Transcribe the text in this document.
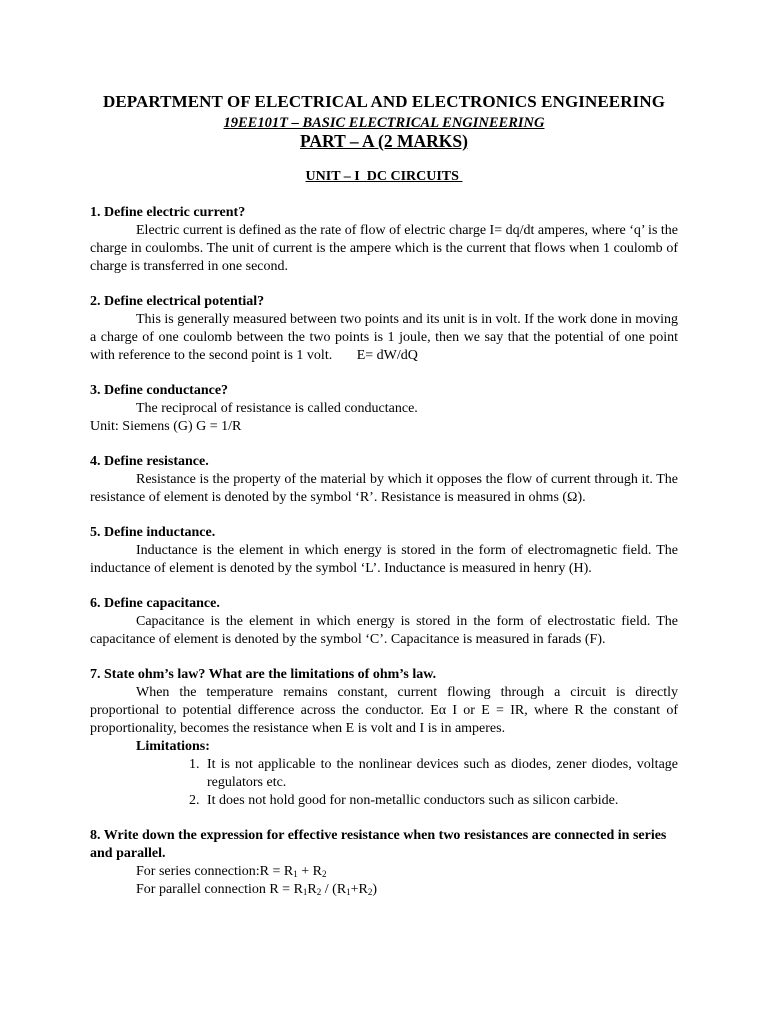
DEPARTMENT OF ELECTRICAL AND ELECTRONICS ENGINEERING
19EE101T – BASIC ELECTRICAL ENGINEERING
PART – A (2 MARKS)
UNIT – I  DC CIRCUITS

1. Define electric current?

Electric current is defined as the rate of flow of electric charge I= dq/dt amperes, where ‘q’ is the charge in coulombs. The unit of current is the ampere which is the current that flows when 1 coulomb of charge is transferred in one second.

2. Define electrical potential?

This is generally measured between two points and its unit is in volt. If the work done in moving a charge of one coulomb between the two points is 1 joule, then we say that the potential of one point with reference to the second point is 1 volt.       E= dW/dQ

3. Define conductance?

The reciprocal of resistance is called conductance.

Unit: Siemens (G) G = 1/R

4. Define resistance.

Resistance is the property of the material by which it opposes the flow of current through it. The resistance of element is denoted by the symbol ‘R’. Resistance is measured in ohms (Ω).

5. Define inductance.

Inductance is the element in which energy is stored in the form of electromagnetic field. The inductance of element is denoted by the symbol ‘L’. Inductance is measured in henry (H).

6. Define capacitance.

Capacitance is the element in which energy is stored in the form of electrostatic field. The capacitance of element is denoted by the symbol ‘C’. Capacitance is measured in farads (F).

7. State ohm’s law? What are the limitations of ohm’s law.

When the temperature remains constant, current flowing through a circuit is directly proportional to potential difference across the conductor. Eα I or E = IR, where R the constant of proportionality, becomes the resistance when E is volt and I is in amperes.

Limitations:

1. It is not applicable to the nonlinear devices such as diodes, zener diodes, voltage regulators etc.
2. It does not hold good for non-metallic conductors such as silicon carbide.

8. Write down the expression for effective resistance when two resistances are connected in series and parallel.

For series connection:R = $R_1 + R_2$

For parallel connection $R = R_1R_2 / (R_1+R_2)$
